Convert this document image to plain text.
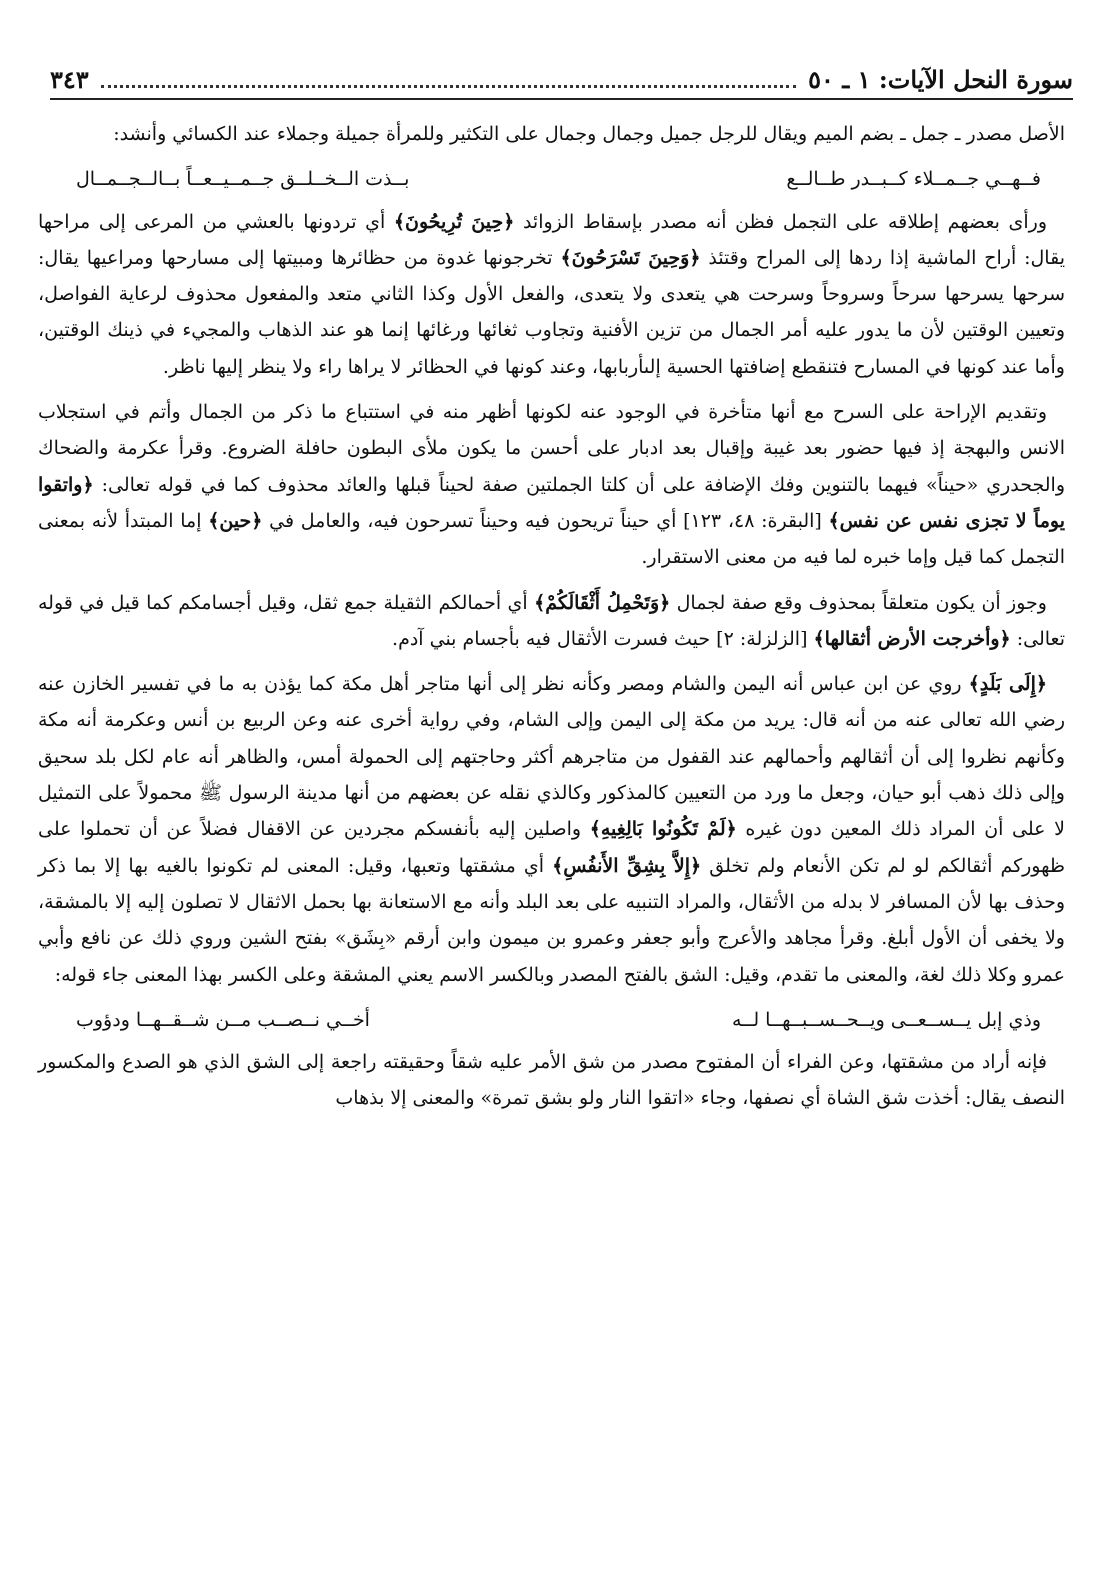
سورة النحل الآيات: ١ ـ ٥٠
٣٤٣

الأصل مصدر ـ جمل ـ بضم الميم ويقال للرجل جميل وجمال وجمال على التكثير وللمرأة جميلة وجملاء عند الكسائي وأنشد:

فــهــي جــمــلاء كــبــدر طــالــع
بــذت الــخــلــق جــمــيــعــاً بــالــجــمــال

ورأى بعضهم إطلاقه على التجمل فظن أنه مصدر بإسقاط الزوائد ﴿حِينَ تُرِيحُونَ﴾ أي تردونها بالعشي من المرعى إلى مراحها يقال: أراح الماشية إذا ردها إلى المراح وقتئذ ﴿وَحِينَ تَسْرَحُونَ﴾ تخرجونها غدوة من حظائرها ومبيتها إلى مسارحها ومراعيها يقال: سرحها يسرحها سرحاً وسروحاً وسرحت هي يتعدى ولا يتعدى، والفعل الأول وكذا الثاني متعد والمفعول محذوف لرعاية الفواصل، وتعيين الوقتين لأن ما يدور عليه أمر الجمال من تزين الأفنية وتجاوب ثغائها ورغائها إنما هو عند الذهاب والمجيء في ذينك الوقتين، وأما عند كونها في المسارح فتنقطع إضافتها الحسية إلىأربابها، وعند كونها في الحظائر لا يراها راء ولا ينظر إليها ناظر.

وتقديم الإراحة على السرح مع أنها متأخرة في الوجود عنه لكونها أظهر منه في استتباع ما ذكر من الجمال وأتم في استجلاب الانس والبهجة إذ فيها حضور بعد غيبة وإقبال بعد ادبار على أحسن ما يكون ملأى البطون حافلة الضروع. وقرأ عكرمة والضحاك والجحدري «حيناً» فيهما بالتنوين وفك الإضافة على أن كلتا الجملتين صفة لحيناً قبلها والعائد محذوف كما في قوله تعالى: ﴿واتقوا يوماً لا تجزى نفس عن نفس﴾ [البقرة: ٤٨، ١٢٣] أي حيناً تريحون فيه وحيناً تسرحون فيه، والعامل في ﴿حين﴾ إما المبتدأ لأنه بمعنى التجمل كما قيل وإما خبره لما فيه من معنى الاستقرار.

وجوز أن يكون متعلقاً بمحذوف وقع صفة لجمال ﴿وَتَحْمِلُ أَثْقَالَكُمْ﴾ أي أحمالكم الثقيلة جمع ثقل، وقيل أجسامكم كما قيل في قوله تعالى: ﴿وأخرجت الأرض أثقالها﴾ [الزلزلة: ٢] حيث فسرت الأثقال فيه بأجسام بني آدم.

﴿إِلَى بَلَدٍ﴾ روي عن ابن عباس أنه اليمن والشام ومصر وكأنه نظر إلى أنها متاجر أهل مكة كما يؤذن به ما في تفسير الخازن عنه رضي الله تعالى عنه من أنه قال: يريد من مكة إلى اليمن وإلى الشام، وفي رواية أخرى عنه وعن الربيع بن أنس وعكرمة أنه مكة وكأنهم نظروا إلى أن أثقالهم وأحمالهم عند القفول من متاجرهم أكثر وحاجتهم إلى الحمولة أمس، والظاهر أنه عام لكل بلد سحيق وإلى ذلك ذهب أبو حيان، وجعل ما ورد من التعيين كالمذكور وكالذي نقله عن بعضهم من أنها مدينة الرسول ﷺ محمولاً على التمثيل لا على أن المراد ذلك المعين دون غيره ﴿لَمْ تَكُونُوا بَالِغِيهِ﴾ واصلين إليه بأنفسكم مجردين عن الاقفال فضلاً عن أن تحملوا على ظهوركم أثقالكم لو لم تكن الأنعام ولم تخلق ﴿إِلاَّ بِشِقِّ الأَنفُسِ﴾ أي مشقتها وتعبها، وقيل: المعنى لم تكونوا بالغيه بها إلا بما ذكر وحذف بها لأن المسافر لا بدله من الأثقال، والمراد التنبيه على بعد البلد وأنه مع الاستعانة بها بحمل الاثقال لا تصلون إليه إلا بالمشقة، ولا يخفى أن الأول أبلغ. وقرأ مجاهد والأعرج وأبو جعفر وعمرو بن ميمون وابن أرقم «بِشَق» بفتح الشين وروي ذلك عن نافع وأبي عمرو وكلا ذلك لغة، والمعنى ما تقدم، وقيل: الشق بالفتح المصدر وبالكسر الاسم يعني المشقة وعلى الكسر بهذا المعنى جاء قوله:

وذي إبل يــســعــى ويــحــســبــهــا لــه
أخــي نــصــب مــن شــقــهــا ودؤوب

فإنه أراد من مشقتها، وعن الفراء أن المفتوح مصدر من شق الأمر عليه شقاً وحقيقته راجعة إلى الشق الذي هو الصدع والمكسور النصف يقال: أخذت شق الشاة أي نصفها، وجاء «اتقوا النار ولو بشق تمرة» والمعنى إلا بذهاب
